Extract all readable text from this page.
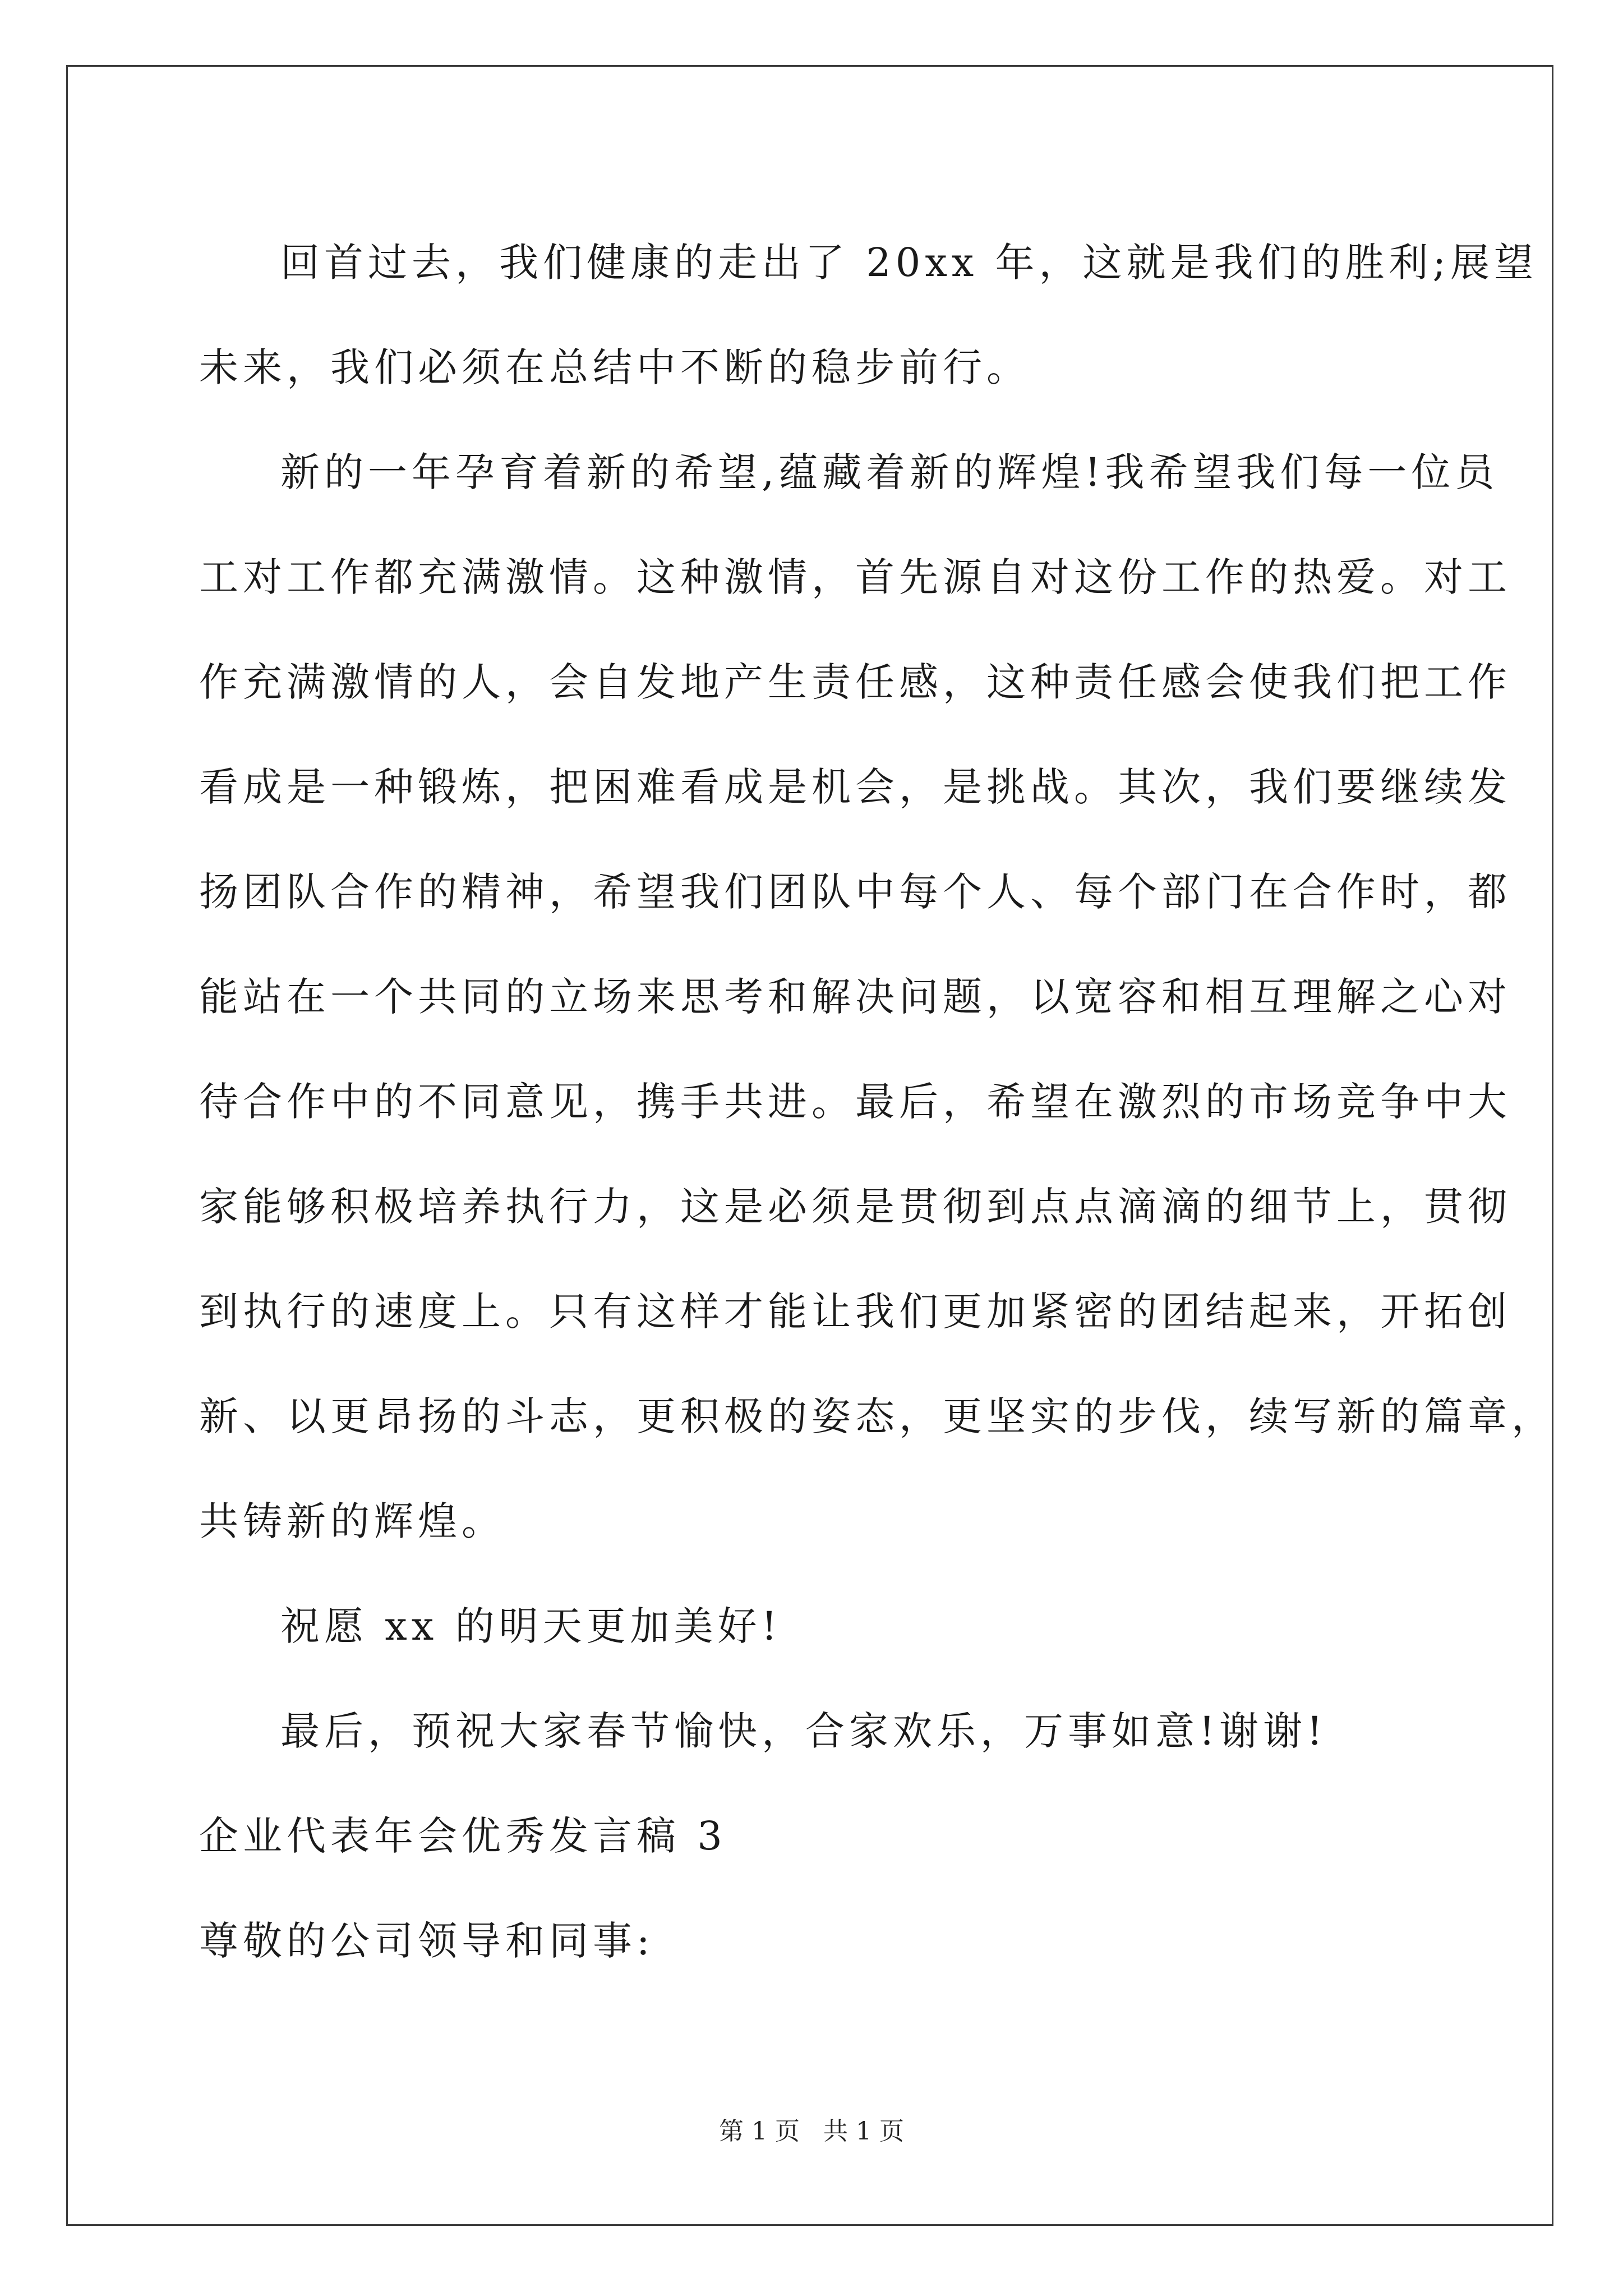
回首过去，我们健康的走出了 20xx 年，这就是我们的胜利;展望
未来，我们必须在总结中不断的稳步前行。
新的一年孕育着新的希望,蕴藏着新的辉煌!我希望我们每一位员
工对工作都充满激情。这种激情，首先源自对这份工作的热爱。对工
作充满激情的人，会自发地产生责任感，这种责任感会使我们把工作
看成是一种锻炼，把困难看成是机会，是挑战。其次，我们要继续发
扬团队合作的精神，希望我们团队中每个人、每个部门在合作时，都
能站在一个共同的立场来思考和解决问题，以宽容和相互理解之心对
待合作中的不同意见，携手共进。最后，希望在激烈的市场竞争中大
家能够积极培养执行力，这是必须是贯彻到点点滴滴的细节上，贯彻
到执行的速度上。只有这样才能让我们更加紧密的团结起来，开拓创
新、以更昂扬的斗志，更积极的姿态，更坚实的步伐，续写新的篇章，
共铸新的辉煌。
祝愿 xx 的明天更加美好!
最后，预祝大家春节愉快，合家欢乐，万事如意!谢谢!
企业代表年会优秀发言稿 3
尊敬的公司领导和同事:
第 1 页   共 1 页
